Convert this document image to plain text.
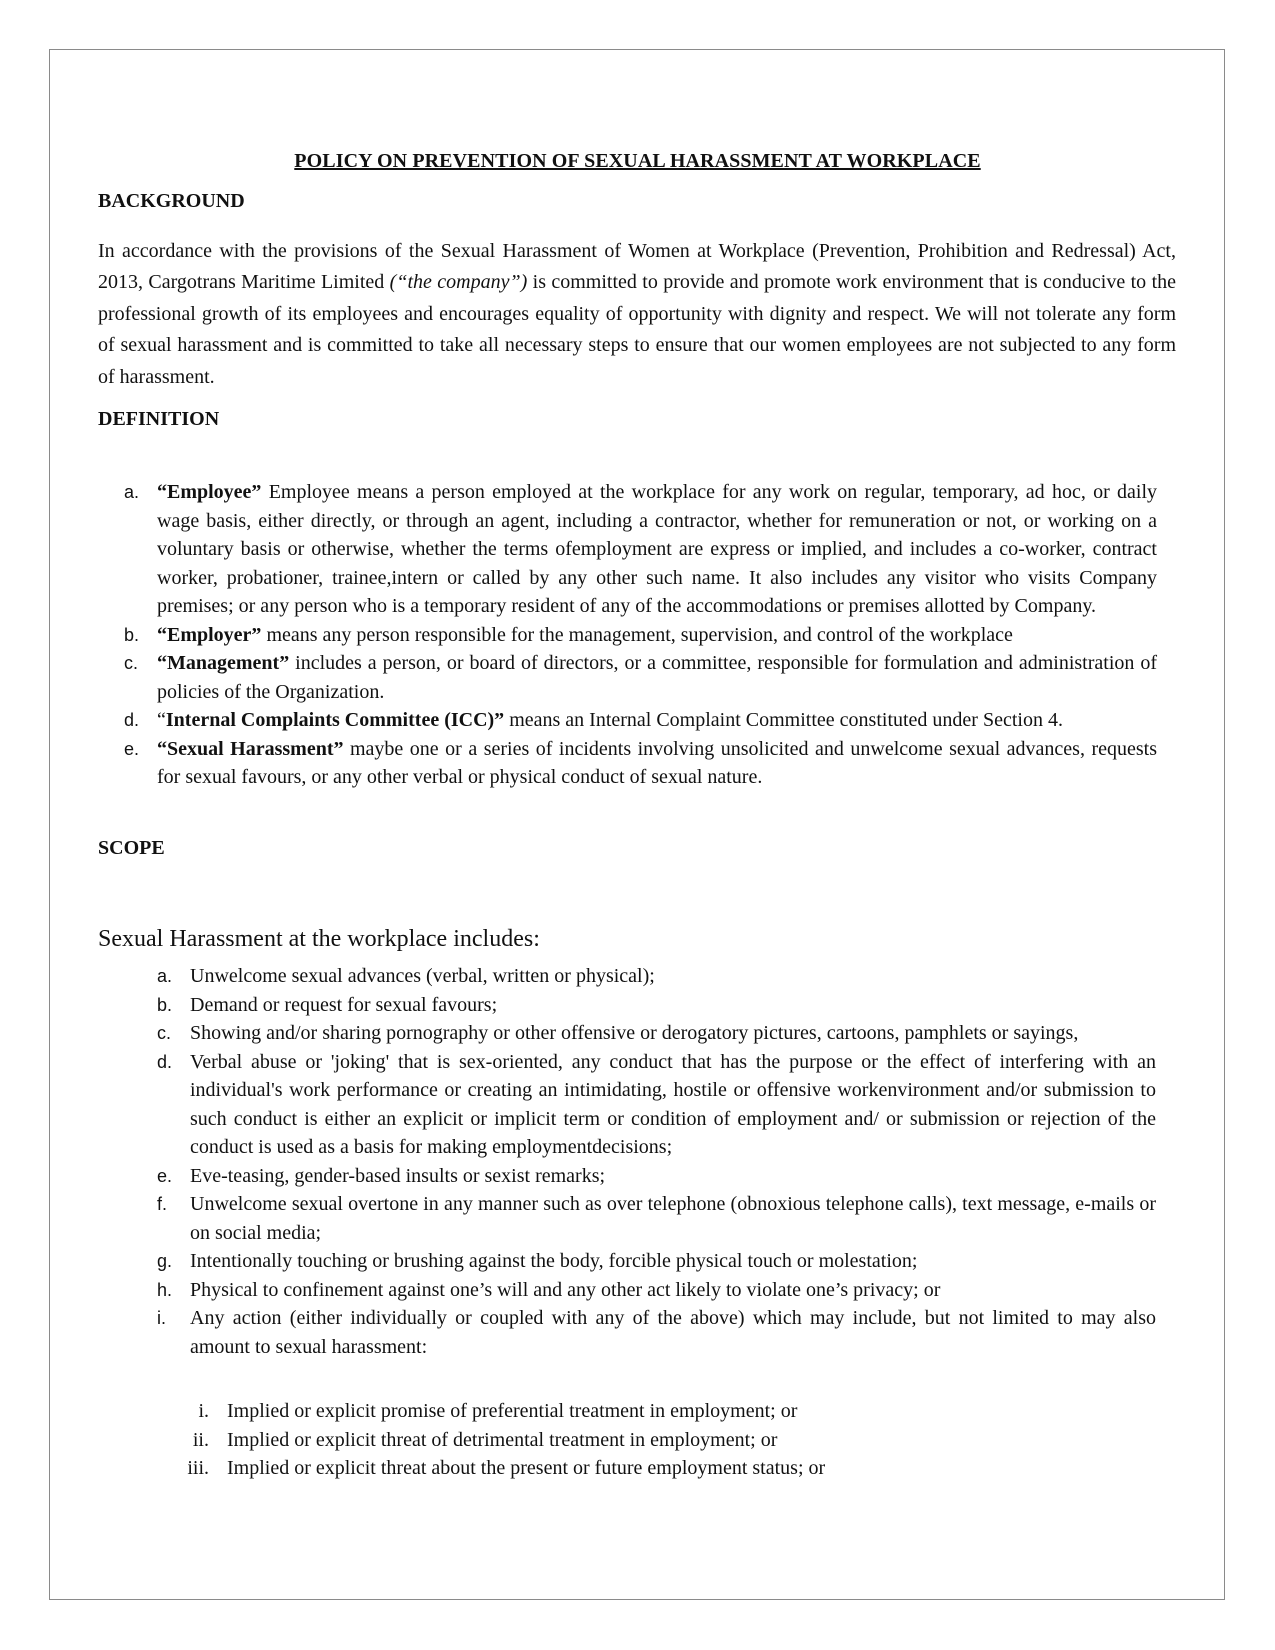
POLICY ON PREVENTION OF SEXUAL HARASSMENT AT WORKPLACE
BACKGROUND
In accordance with the provisions of the Sexual Harassment of Women at Workplace (Prevention, Prohibition and Redressal) Act, 2013, Cargotrans Maritime Limited (“the company”) is committed to provide and promote work environment that is conducive to the professional growth of its employees and encourages equality of opportunity with dignity and respect. We will not tolerate any form of sexual harassment and is committed to take all necessary steps to ensure that our women employees are not subjected to any form of harassment.
DEFINITION
a. “Employee” Employee means a person employed at the workplace for any work on regular, temporary, ad hoc, or daily wage basis, either directly, or through an agent, including a contractor, whether for remuneration or not, or working on a voluntary basis or otherwise, whether the terms ofemployment are express or implied, and includes a co-worker, contract worker, probationer, trainee,intern or called by any other such name. It also includes any visitor who visits Company premises; or any person who is a temporary resident of any of the accommodations or premises allotted by Company.
b. “Employer” means any person responsible for the management, supervision, and control of the workplace
c. “Management” includes a person, or board of directors, or a committee, responsible for formulation and administration of policies of the Organization.
d. “Internal Complaints Committee (ICC)” means an Internal Complaint Committee constituted under Section 4.
e. “Sexual Harassment” maybe one or a series of incidents involving unsolicited and unwelcome sexual advances, requests for sexual favours, or any other verbal or physical conduct of sexual nature.
SCOPE
Sexual Harassment at the workplace includes:
a. Unwelcome sexual advances (verbal, written or physical);
b. Demand or request for sexual favours;
c. Showing and/or sharing pornography or other offensive or derogatory pictures, cartoons, pamphlets or sayings,
d. Verbal abuse or 'joking' that is sex-oriented, any conduct that has the purpose or the effect of interfering with an individual's work performance or creating an intimidating, hostile or offensive workenvironment and/or submission to such conduct is either an explicit or implicit term or condition of employment and/ or submission or rejection of the conduct is used as a basis for making employmentdecisions;
e. Eve-teasing, gender-based insults or sexist remarks;
f. Unwelcome sexual overtone in any manner such as over telephone (obnoxious telephone calls), text message, e-mails or on social media;
g. Intentionally touching or brushing against the body, forcible physical touch or molestation;
h. Physical to confinement against one’s will and any other act likely to violate one’s privacy; or
i. Any action (either individually or coupled with any of the above) which may include, but not limited to may also amount to sexual harassment:
i. Implied or explicit promise of preferential treatment in employment; or
ii. Implied or explicit threat of detrimental treatment in employment; or
iii. Implied or explicit threat about the present or future employment status; or
